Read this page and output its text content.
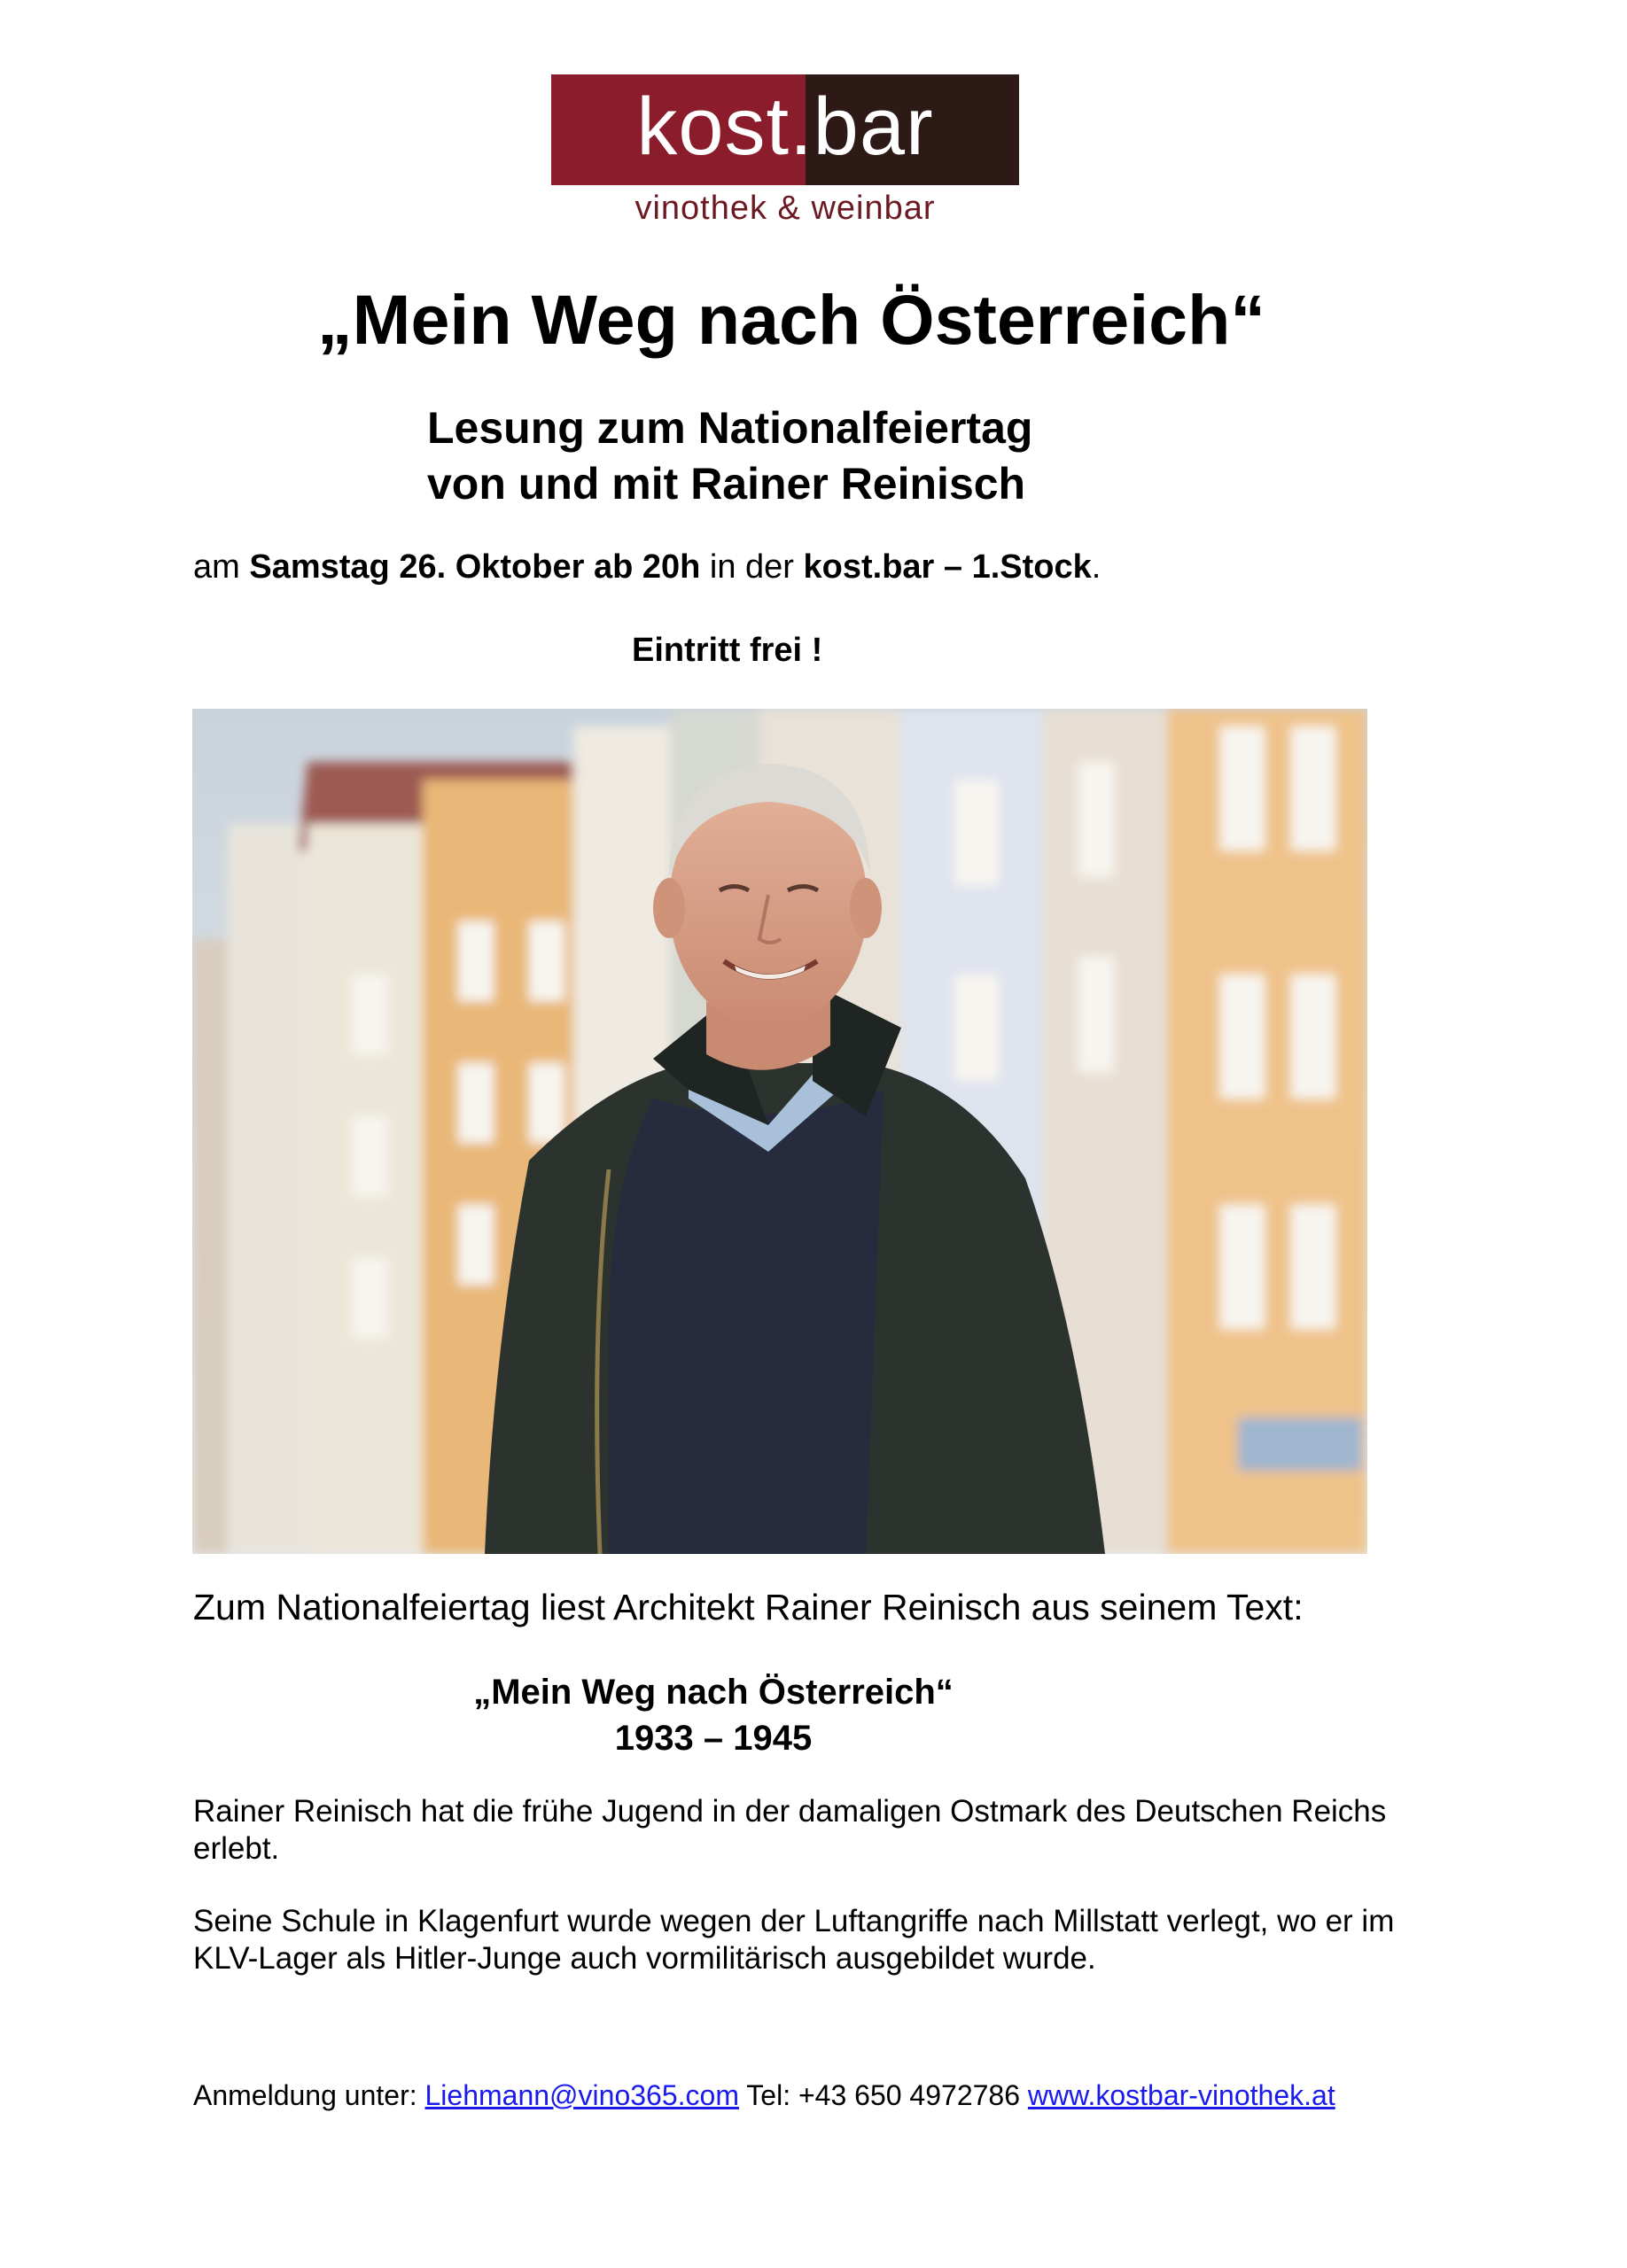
kost.bar
vinothek & weinbar
„Mein Weg nach Österreich“
Lesung zum Nationalfeiertag
von und mit Rainer Reinisch
am Samstag 26. Oktober ab 20h in der kost.bar – 1.Stock.
Eintritt frei !
Zum Nationalfeiertag liest Architekt Rainer Reinisch aus seinem Text:
„Mein Weg nach Österreich“
1933 – 1945
Rainer Reinisch hat die frühe Jugend in der damaligen Ostmark des Deutschen Reichs erlebt.
Seine Schule in Klagenfurt wurde wegen der Luftangriffe nach Millstatt verlegt, wo er im KLV-Lager als Hitler-Junge auch vormilitärisch ausgebildet wurde.
Anmeldung unter: Liehmann@vino365.com Tel: +43 650 4972786 www.kostbar-vinothek.at
